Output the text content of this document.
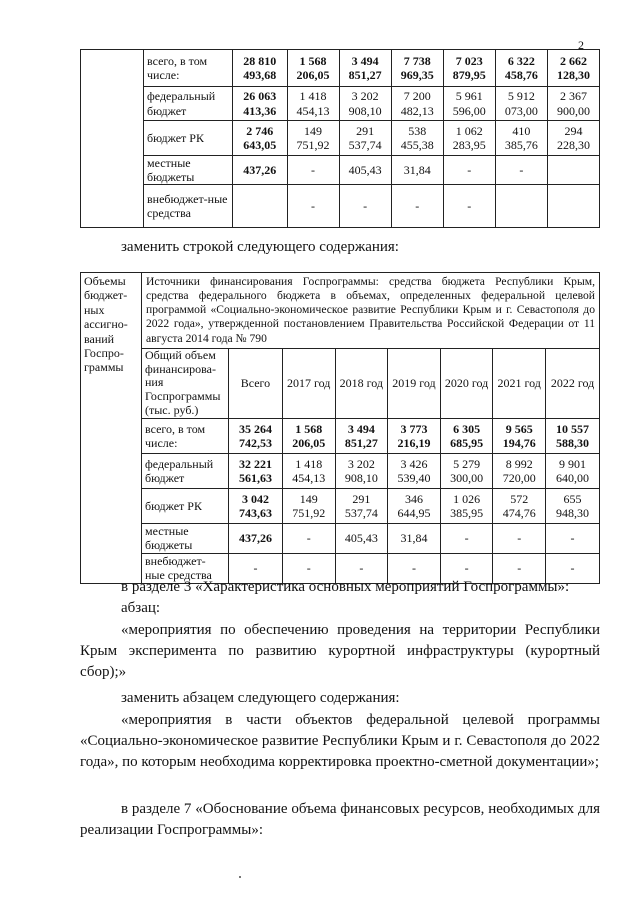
2
	всего, в том числе:	28 810 493,68	1 568 206,05	3 494 851,27	7 738 969,35	7 023 879,95	6 322 458,76	2 662 128,30
	федеральный бюджет	26 063 413,36	1 418 454,13	3 202 908,10	7 200 482,13	5 961 596,00	5 912 073,00	2 367 900,00
	бюджет РК	2 746 643,05	149 751,92	291 537,74	538 455,38	1 062 283,95	410 385,76	294 228,30
	местные бюджеты	437,26	-	405,43	31,84	-	-	
	внебюджет-ные средства		-	-	-	-		
заменить строкой следующего содержания:
Объемы бюджет-ных ассигно-ваний Госпро-граммы	Источники финансирования Госпрограммы: средства бюджета Республики Крым, средства федерального бюджета в объемах, определенных федеральной целевой программой «Социально-экономическое развитие Республики Крым и г. Севастополя до 2022 года», утвержденной постановлением Правительства Российской Федерации от 11 августа 2014 года № 790							
	Общий объем финансирова-ния Госпрограммы (тыс. руб.)	Всего	2017 год	2018 год	2019 год	2020 год	2021 год	2022 год
	всего, в том числе:	35 264 742,53	1 568 206,05	3 494 851,27	3 773 216,19	6 305 685,95	9 565 194,76	10 557 588,30
	федеральный бюджет	32 221 561,63	1 418 454,13	3 202 908,10	3 426 539,40	5 279 300,00	8 992 720,00	9 901 640,00
	бюджет РК	3 042 743,63	149 751,92	291 537,74	346 644,95	1 026 385,95	572 474,76	655 948,30
	местные бюджеты	437,26	-	405,43	31,84	-	-	-
	внебюджет-ные средства	-	-	-	-	-	-	-
в разделе 3 «Характеристика основных мероприятий Госпрограммы»:
абзац:
«мероприятия по обеспечению проведения на территории Республики Крым эксперимента по развитию курортной инфраструктуры (курортный сбор);»
заменить абзацем следующего содержания:
«мероприятия в части объектов федеральной целевой программы «Социально-экономическое развитие Республики Крым и г. Севастополя до 2022 года», по которым необходима корректировка проектно-сметной документации»;
в разделе 7 «Обоснование объема финансовых ресурсов, необходимых для реализации Госпрограммы»:
